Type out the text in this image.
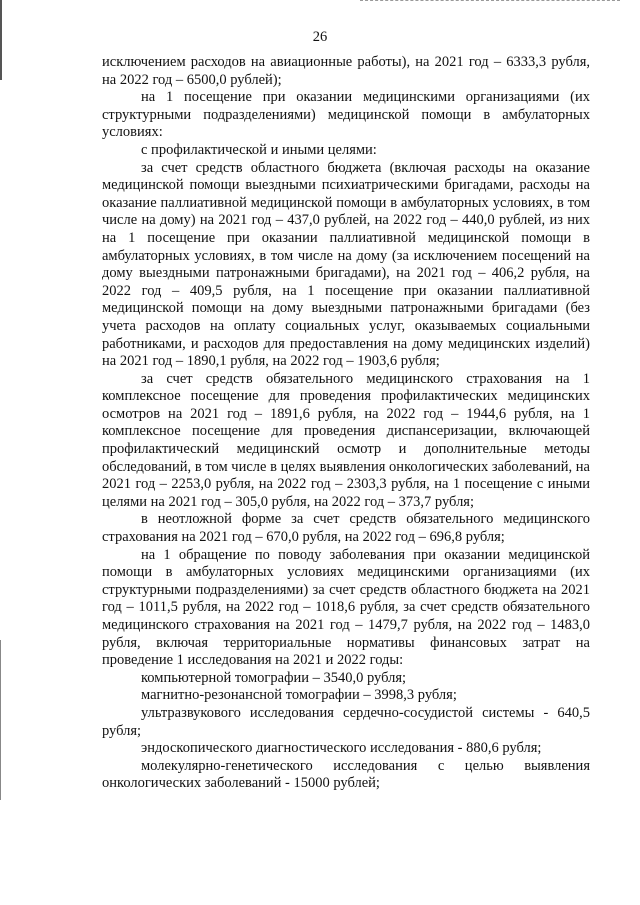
26

исключением расходов на авиационные работы), на 2021 год – 6333,3 рубля, на 2022 год – 6500,0 рублей);

на 1 посещение при оказании медицинскими организациями (их структурными подразделениями) медицинской помощи в амбулаторных условиях:

с профилактической и иными целями:

за счет средств областного бюджета (включая расходы на оказание медицинской помощи выездными психиатрическими бригадами, расходы на оказание паллиативной медицинской помощи в амбулаторных условиях, в том числе на дому) на 2021 год – 437,0 рублей, на 2022 год – 440,0 рублей, из них на 1 посещение при оказании паллиативной медицинской помощи в амбулаторных условиях, в том числе на дому (за исключением посещений на дому выездными патронажными бригадами), на 2021 год – 406,2 рубля, на 2022 год – 409,5 рубля, на 1 посещение при оказании паллиативной медицинской помощи на дому выездными патронажными бригадами (без учета расходов на оплату социальных услуг, оказываемых социальными работниками, и расходов для предоставления на дому медицинских изделий) на 2021 год – 1890,1 рубля, на 2022 год – 1903,6 рубля;

за счет средств обязательного медицинского страхования на 1 комплексное посещение для проведения профилактических медицинских осмотров на 2021 год – 1891,6 рубля, на 2022 год – 1944,6 рубля, на 1 комплексное посещение для проведения диспансеризации, включающей профилактический медицинский осмотр и дополнительные методы обследований, в том числе в целях выявления онкологических заболеваний, на 2021 год – 2253,0 рубля, на 2022 год – 2303,3 рубля, на 1 посещение с иными целями на 2021 год – 305,0 рубля, на 2022 год – 373,7 рубля;

в неотложной форме за счет средств обязательного медицинского страхования на 2021 год – 670,0 рубля, на 2022 год – 696,8 рубля;

на 1 обращение по поводу заболевания при оказании медицинской помощи в амбулаторных условиях медицинскими организациями (их структурными подразделениями) за счет средств областного бюджета на 2021 год – 1011,5 рубля, на 2022 год – 1018,6 рубля, за счет средств обязательного медицинского страхования на 2021 год – 1479,7 рубля, на 2022 год – 1483,0 рубля, включая территориальные нормативы финансовых затрат на проведение 1 исследования на 2021 и 2022 годы:

компьютерной томографии – 3540,0 рубля;

магнитно-резонансной томографии – 3998,3 рубля;

ультразвукового исследования сердечно-сосудистой системы - 640,5 рубля;

эндоскопического диагностического исследования - 880,6 рубля;

молекулярно-генетического исследования с целью выявления онкологических заболеваний - 15000 рублей;
